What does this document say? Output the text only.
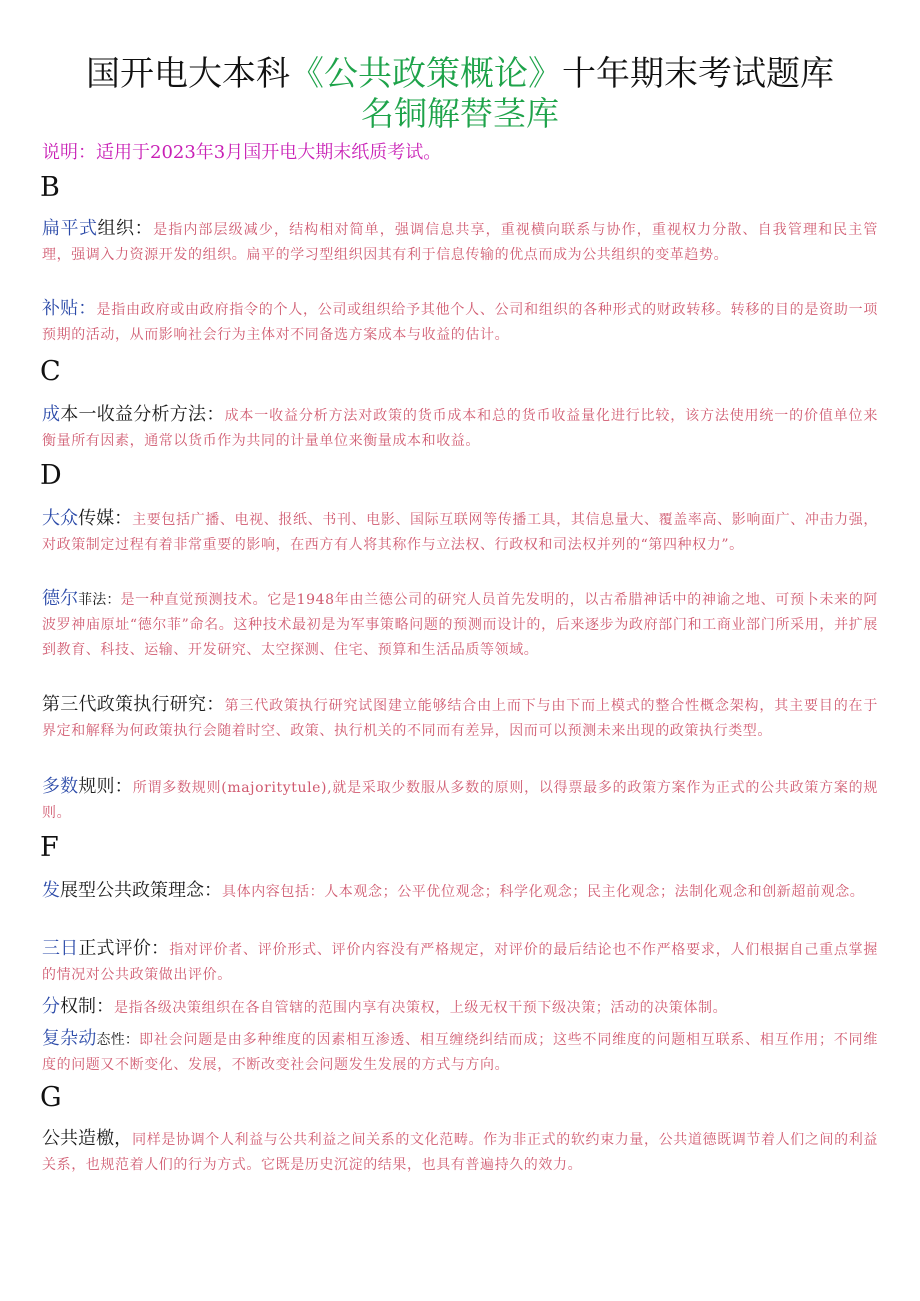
国开电大本科《公共政策概论》十年期末考试题库
名铜解替茎库
说明：适用于2023年3月国开电大期末纸质考试。
B
扁平式组织：是指内部层级减少，结构相对简单，强调信息共享，重视横向联系与协作，重视权力分散、自我管理和民主管理，强调入力资源开发的组织。扁平的学习型组织因其有利于信息传输的优点而成为公共组织的变革趋势。
补贴：是指由政府或由政府指令的个人，公司或组织给予其他个人、公司和组织的各种形式的财政转移。转移的目的是资助一项预期的活动，从而影响社会行为主体对不同备选方案成本与收益的估计。
C
成本一收益分析方法：成本一收益分析方法对政策的货币成本和总的货币收益量化进行比较，该方法使用统一的价值单位来衡量所有因素，通常以货币作为共同的计量单位来衡量成本和收益。
D
大众传媒：主要包括广播、电视、报纸、书刊、电影、国际互联网等传播工具，其信息量大、覆盖率高、影响面广、冲击力强，对政策制定过程有着非常重要的影响，在西方有人将其称作与立法权、行政权和司法权并列的“第四种权力”。
德尔菲法：是一种直觉预测技术。它是1948年由兰德公司的研究人员首先发明的，以古希腊神话中的神谕之地、可预卜未来的阿波罗神庙原址“德尔菲”命名。这种技术最初是为军事策略问题的预测而设计的，后来逐步为政府部门和工商业部门所采用，并扩展到教育、科技、运输、开发研究、太空探测、住宅、预算和生活品质等领域。
第三代政策执行研究：第三代政策执行研究试图建立能够结合由上而下与由下而上模式的整合性概念架构，其主要目的在于界定和解释为何政策执行会随着时空、政策、执行机关的不同而有差异，因而可以预测未来出现的政策执行类型。
多数规则：所谓多数规则(majoritytule),就是采取少数服从多数的原则，以得票最多的政策方案作为正式的公共政策方案的规则。
F
发展型公共政策理念：具体内容包括：人本观念；公平优位观念；科学化观念；民主化观念；法制化观念和创新超前观念。
三日正式评价：指对评价者、评价形式、评价内容没有严格规定，对评价的最后结论也不作严格要求，人们根据自己重点掌握的情况对公共政策做出评价。
分权制：是指各级决策组织在各自管辖的范围内享有决策权，上级无权干预下级决策；活动的决策体制。
复杂动态性：即社会问题是由多种维度的因素相互渗透、相互缠绕纠结而成；这些不同维度的问题相互联系、相互作用；不同维度的问题又不断变化、发展，不断改变社会问题发生发展的方式与方向。
G
公共造檄，同样是协调个人利益与公共利益之间关系的文化范畴。作为非正式的软约束力量，公共道德既调节着人们之间的利益关系，也规范着人们的行为方式。它既是历史沉淀的结果，也具有普遍持久的效力。
